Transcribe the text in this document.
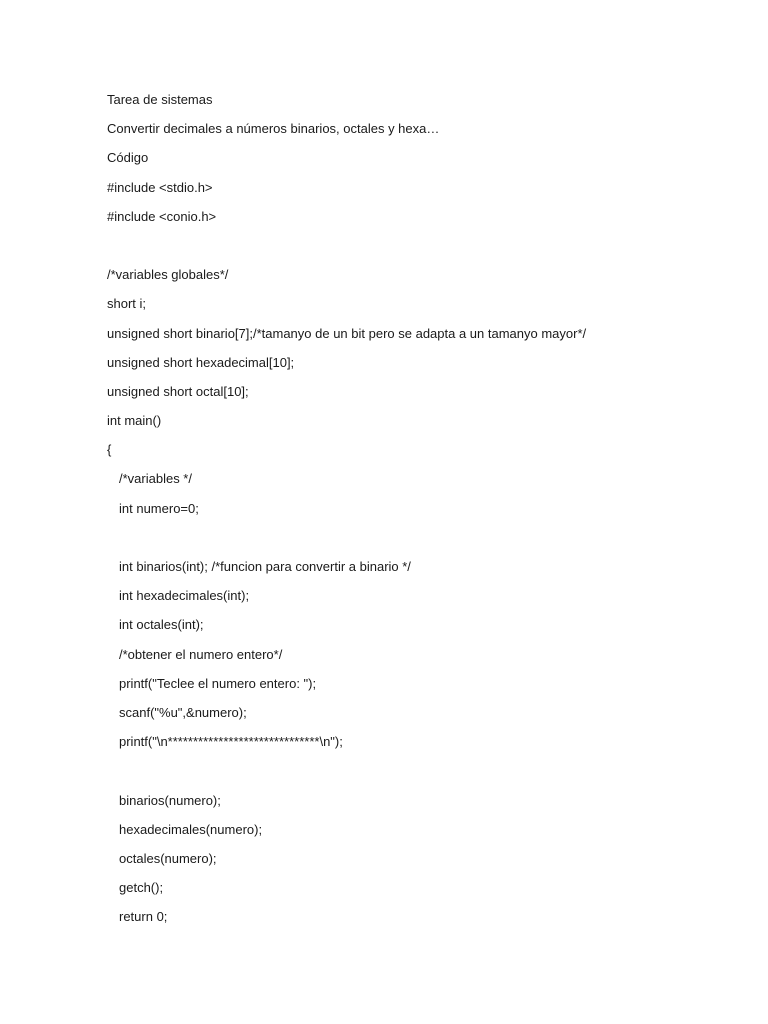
Tarea de sistemas
Convertir decimales a números binarios, octales y hexa…
Código
#include <stdio.h>
#include <conio.h>
/*variables globales*/
short i;
unsigned short binario[7];/*tamanyo de un bit pero se adapta a un tamanyo mayor*/
unsigned short hexadecimal[10];
unsigned short octal[10];
int main()
{
/*variables */
int numero=0;
int binarios(int); /*funcion para convertir a binario */
int hexadecimales(int);
int octales(int);
/*obtener el numero entero*/
printf("Teclee el numero entero: ");
scanf("%u",&numero);
printf("\n******************************\n");
binarios(numero);
hexadecimales(numero);
octales(numero);
getch();
return 0;
